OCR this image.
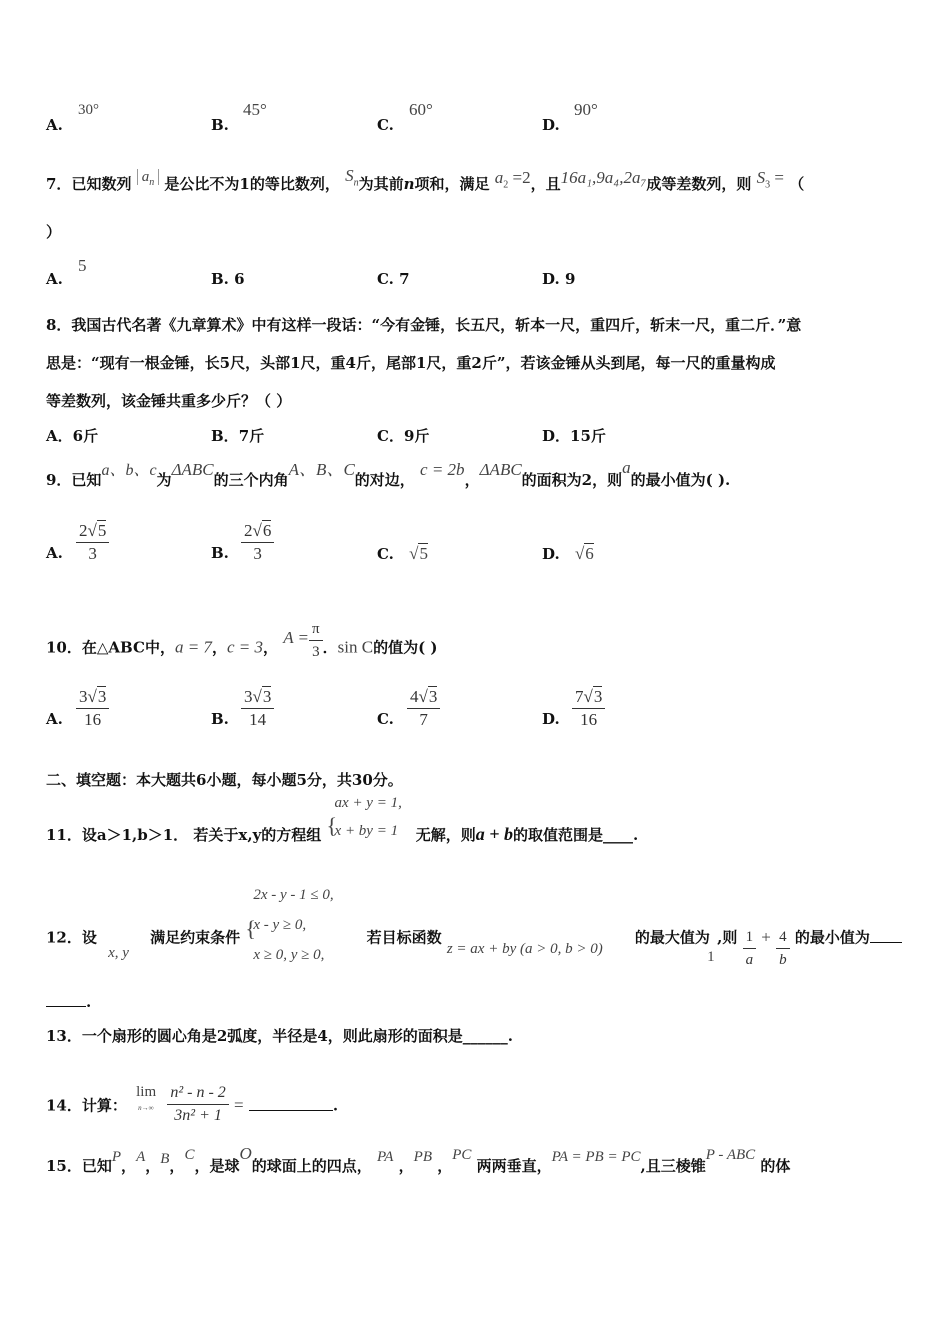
A.
30°
B.
45°
C.
60°
D.
90°
7．已知数列 $a_n$ 是公比不为1的等比数列， $S_n$为其前n项和，满足 $a_2 =2$，且16a₁,9a₄,2a₇成等差数列，则 $S_3$ = （
）
A.
5
B. 6	C. 7	D. 9
8．我国古代名著《九章算术》中有这样一段话：“今有金锤，长五尺，斩本一尺，重四斤，斩末一尺，重二斤．”意
思是：“现有一根金锤，长5尺，头部1尺，重4斤，尾部1尺，重2斤”，若该金锤从头到尾，每一尺的重量构成
等差数列，该金锤共重多少斤？（ ）
A．6斤	B．7斤	C．9斤	D．15斤
9．已知a、b、c为ΔABC的三个内角A、B、C的对边， c = 2b，ΔABC的面积为2，则a的最小值为( ).
A. $\frac{2√5}{3}$	B. $\frac{2√6}{3}$	C. √5	D. √6
10．在△ABC中，a = 7，c = 3， $A = \frac{\pi}{3}$ ．sin C的值为( )
A. $\frac{3√3}{16}$	B. $\frac{3√3}{14}$	C. $\frac{4√3}{7}$	D. $\frac{7√3}{16}$
二、填空题：本大题共6小题，每小题5分，共30分。
11．设a＞1,b＞1． 若关于x,y的方程组 {
ax + y = 1,
x + by = 1 无解，则a + b的取值范围是____.
12．设
x, y
满足约束条件 {
2x - y - 1 ≤ 0,
x - y ≥ 0,
x ≥ 0, y ≥ 0,
若目标函数
z = ax + by (a > 0, b > 0)
的最大值为
1
,则 $\frac{1}{a} + \frac{4}{b}$ 的最小值为
.
13．一个扇形的圆心角是2弧度，半径是4，则此扇形的面积是______.
14．计算：
lim
n→∞
$\frac{\text{n² - n - 2}}{\text{3n² + 1}}$ =	.
15．已知P，A，B，C，是球O的球面上的四点， PA ，PB ，PC 两两垂直，PA = PB = PC,且三棱锥P - ABC 的体
